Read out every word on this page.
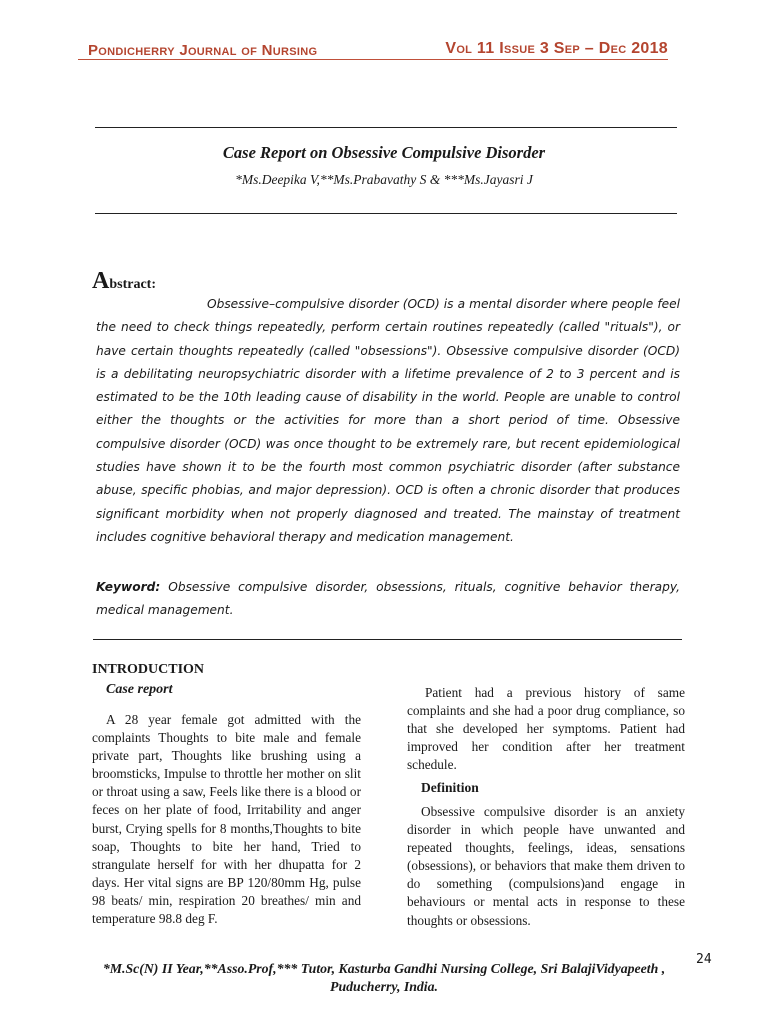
Pondicherry Journal of Nursing	Vol 11 Issue 3 Sep – Dec 2018
Case Report on Obsessive Compulsive Disorder
*Ms.Deepika V,**Ms.Prabavathy S & ***Ms.Jayasri J
Abstract:
Obsessive–compulsive disorder (OCD) is a mental disorder where people feel the need to check things repeatedly, perform certain routines repeatedly (called "rituals"), or have certain thoughts repeatedly (called "obsessions"). Obsessive compulsive disorder (OCD) is a debilitating neuropsychiatric disorder with a lifetime prevalence of 2 to 3 percent and is estimated to be the 10th leading cause of disability in the world. People are unable to control either the thoughts or the activities for more than a short period of time. Obsessive compulsive disorder (OCD) was once thought to be extremely rare, but recent epidemiological studies have shown it to be the fourth most common psychiatric disorder (after substance abuse, specific phobias, and major depression). OCD is often a chronic disorder that produces significant morbidity when not properly diagnosed and treated. The mainstay of treatment includes cognitive behavioral therapy and medication management.
Keyword: Obsessive compulsive disorder, obsessions, rituals, cognitive behavior therapy, medical management.
INTRODUCTION
Case report
A 28 year female got admitted with the complaints Thoughts to bite male and female private part, Thoughts like brushing using a broomsticks, Impulse to throttle her mother on slit or throat using a saw, Feels like there is a blood or feces on her plate of food, Irritability and anger burst, Crying spells for 8 months,Thoughts to bite soap, Thoughts to bite her hand, Tried to strangulate herself for with her dhupatta for 2 days. Her vital signs are BP 120/80mm Hg, pulse 98 beats/ min, respiration 20 breathes/ min and temperature 98.8 deg F.
Patient had a previous history of same complaints and she had a poor drug compliance, so that she developed her symptoms. Patient had improved her condition after her treatment schedule.
Definition
Obsessive compulsive disorder is an anxiety disorder in which people have unwanted and repeated thoughts, feelings, ideas, sensations (obsessions), or behaviors that make them driven to do something (compulsions)and engage in behaviours or mental acts in response to these thoughts or obsessions.
24
*M.Sc(N) II Year,**Asso.Prof,*** Tutor, Kasturba Gandhi Nursing College, Sri BalajiVidyapeeth , Puducherry, India.
